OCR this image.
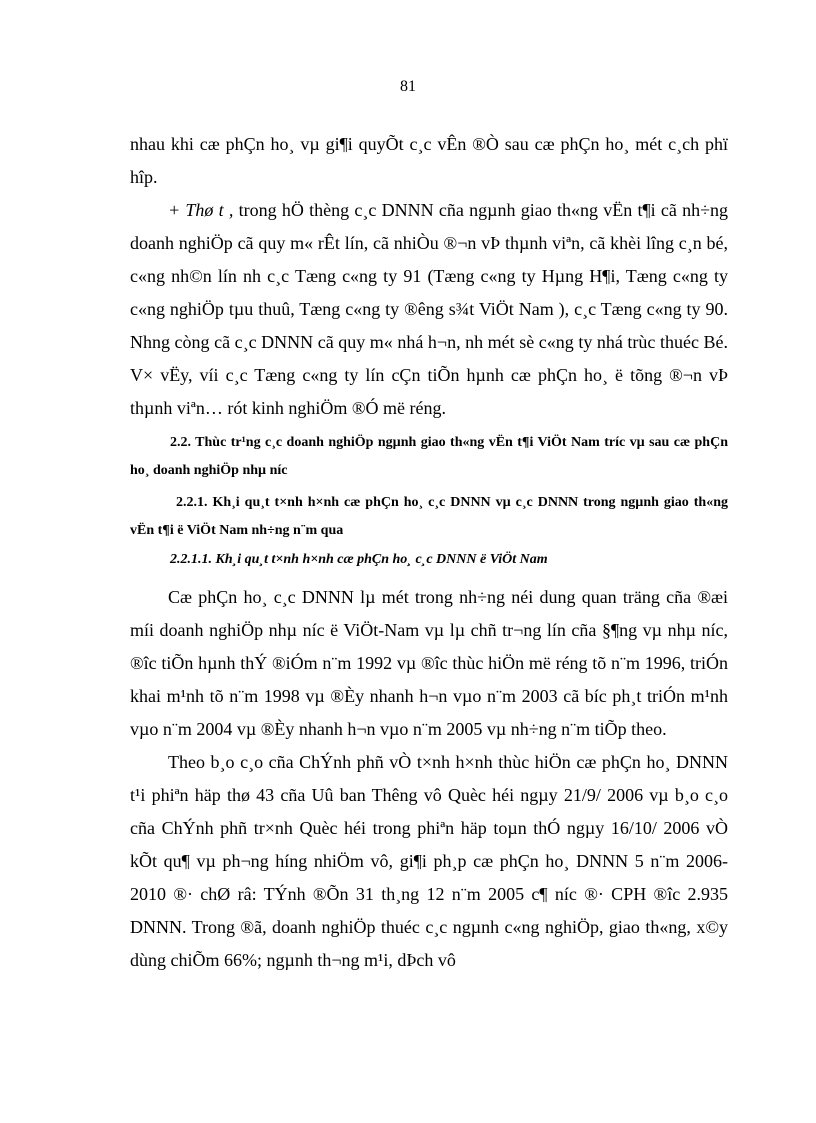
81

nhau khi cæ phÇn ho¸ vµ gi¶i quyÕt c¸c vÊn ®Ò sau cæ phÇn ho¸ mét c¸ch phï hîp.

+ Thø t , trong hÖ thèng c¸c DNNN cña ngµnh giao th«ng vËn t¶i cã nh÷ng doanh nghiÖp cã quy m« rÊt lín, cã nhiÒu ®¬n vÞ thµnh viªn, cã khèi lîng c¸n bé, c«ng nh©n lín nh c¸c Tæng c«ng ty 91 (Tæng c«ng ty Hµng H¶i, Tæng c«ng ty c«ng nghiÖp tµu thuû, Tæng c«ng ty ®êng s¾t ViÖt Nam ), c¸c Tæng c«ng ty 90. Nhng còng cã c¸c DNNN cã quy m« nhá h¬n, nh mét sè c«ng ty nhá trùc thuéc Bé. V× vËy, víi c¸c Tæng c«ng ty lín cÇn tiÕn hµnh cæ phÇn ho¸ ë tõng ®¬n vÞ thµnh viªn… rót kinh nghiÖm ®Ó më réng.

2.2. Thùc tr¹ng c¸c doanh nghiÖp ngµnh giao th«ng vËn t¶i ViÖt Nam tríc vµ sau cæ phÇn ho¸ doanh nghiÖp nhµ níc

2.2.1. Kh¸i qu¸t t×nh h×nh cæ phÇn ho¸ c¸c DNNN vµ c¸c DNNN trong ngµnh giao th«ng vËn t¶i ë ViÖt Nam nh÷ng n¨m qua

2.2.1.1. Kh¸i qu¸t t×nh h×nh cæ phÇn ho¸ c¸c DNNN ë ViÖt Nam

Cæ phÇn ho¸ c¸c DNNN lµ mét trong nh÷ng néi dung quan träng cña ®æi míi doanh nghiÖp nhµ níc ë ViÖt-Nam vµ lµ chñ tr¬ng lín cña §¶ng vµ nhµ níc, ®îc tiÕn hµnh thÝ ®iÓm n¨m 1992 vµ ®îc thùc hiÖn më réng tõ n¨m 1996, triÓn khai m¹nh tõ n¨m 1998 vµ ®Èy nhanh h¬n vµo n¨m 2003 cã bíc ph¸t triÓn m¹nh vµo n¨m 2004 vµ ®Èy nhanh h¬n vµo n¨m 2005 vµ nh÷ng n¨m tiÕp theo.

Theo b¸o c¸o cña ChÝnh phñ vÒ t×nh h×nh thùc hiÖn cæ phÇn ho¸ DNNN t¹i phiªn häp thø 43 cña Uû ban Thêng vô Quèc héi ngµy 21/9/ 2006 vµ b¸o c¸o cña ChÝnh phñ tr×nh Quèc héi trong phiªn häp toµn thÓ ngµy 16/10/ 2006 vÒ kÕt qu¶ vµ ph¬ng híng nhiÖm vô, gi¶i ph¸p cæ phÇn ho¸ DNNN 5 n¨m 2006- 2010 ®· chØ râ: TÝnh ®Õn 31 th¸ng 12 n¨m 2005 c¶ níc ®· CPH ®îc 2.935 DNNN. Trong ®ã, doanh nghiÖp thuéc c¸c ngµnh c«ng nghiÖp, giao th«ng, x©y dùng chiÕm 66%; ngµnh th¬ng m¹i, dÞch vô
